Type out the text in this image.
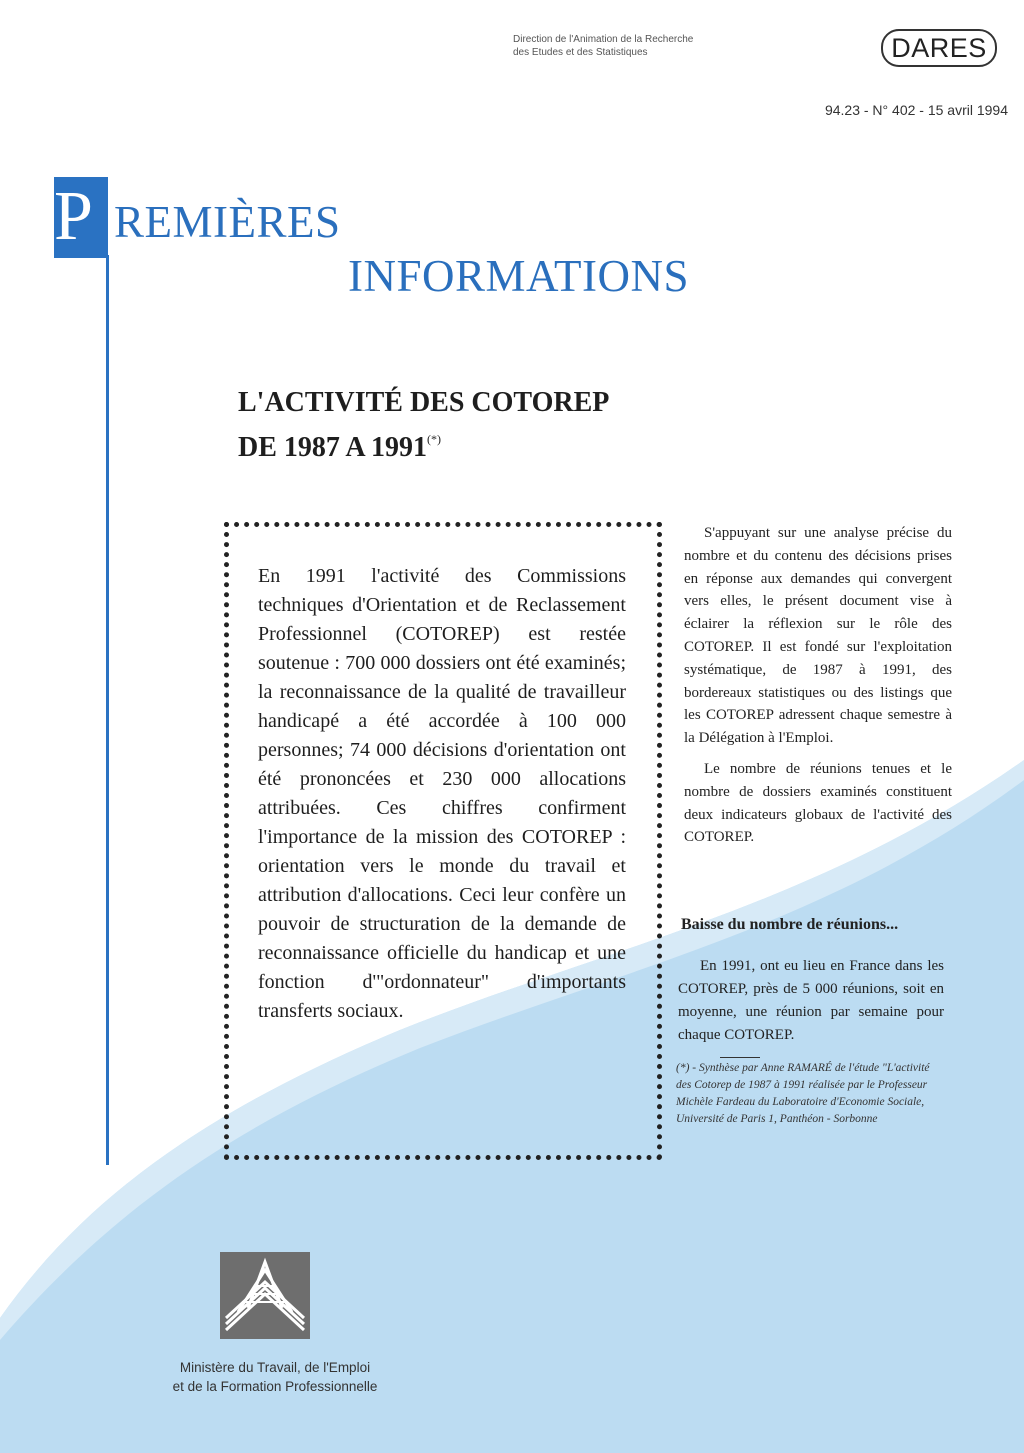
Direction de l'Animation de la Recherche
des Etudes et des Statistiques	DARES
94.23 - N° 402 - 15 avril 1994
P REMIÈRES
INFORMATIONS
L'ACTIVITÉ DES COTOREP
DE 1987 A 1991(*)
En 1991 l'activité des Commissions techniques d'Orientation et de Reclassement Professionnel (COTOREP) est restée soutenue : 700 000 dossiers ont été examinés; la reconnaissance de la qualité de travailleur handicapé a été accordée à 100 000 personnes; 74 000 décisions d'orientation ont été prononcées et 230 000 allocations attribuées. Ces chiffres confirment l'importance de la mission des COTOREP : orientation vers le monde du travail et attribution d'allocations. Ceci leur confère un pouvoir de structuration de la demande de reconnaissance officielle du handicap et une fonction d'"ordonnateur" d'importants transferts sociaux.

S'appuyant sur une analyse précise du nombre et du contenu des décisions prises en réponse aux demandes qui convergent vers elles, le présent document vise à éclairer la réflexion sur le rôle des COTOREP. Il est fondé sur l'exploitation systématique, de 1987 à 1991, des bordereaux statistiques ou des listings que les COTOREP adressent chaque semestre à la Délégation à l'Emploi.

Le nombre de réunions tenues et le nombre de dossiers examinés constituent deux indicateurs globaux de l'activité des COTOREP.

Baisse du nombre de réunions...

En 1991, ont eu lieu en France dans les COTOREP, près de 5 000 réunions, soit en moyenne, une réunion par semaine pour chaque COTOREP.

(*) - Synthèse par Anne RAMARÉ de l'étude "L'activité des Cotorep de 1987 à 1991 réalisée par le Professeur Michèle Fardeau du Laboratoire d'Economie Sociale, Université de Paris 1, Panthéon - Sorbonne
Ministère du Travail, de l'Emploi
et de la Formation Professionnelle
